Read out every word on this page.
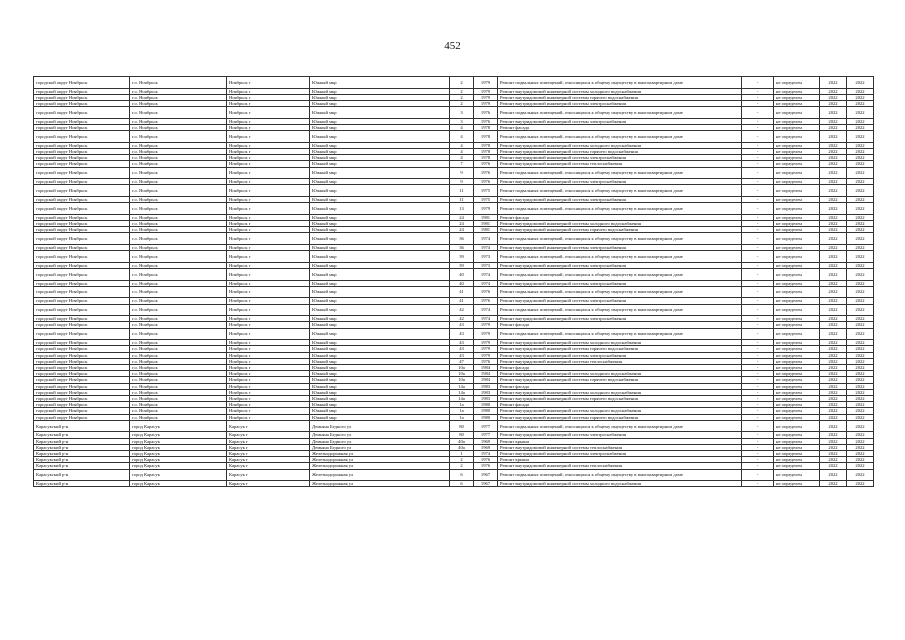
452
городской округ Ноябрьск	г.о. Ноябрьск	Ноябрьск г	Южный мкр	2	1979	Ремонт подвальных помещений, относящихся к общему имуществу в многоквартирном доме	-	не определен	2022	2022
городской округ Ноябрьск	г.о. Ноябрьск	Ноябрьск г	Южный мкр	2	1979	Ремонт внутридомовой инженерной системы холодного водоснабжения	-	не определен	2022	2022
городской округ Ноябрьск	г.о. Ноябрьск	Ноябрьск г	Южный мкр	2	1979	Ремонт внутридомовой инженерной системы горячего водоснабжения	-	не определен	2022	2022
городской округ Ноябрьск	г.о. Ноябрьск	Ноябрьск г	Южный мкр	2	1979	Ремонт внутридомовой инженерной системы электроснабжения	-	не определен	2022	2022
городской округ Ноябрьск	г.о. Ноябрьск	Ноябрьск г	Южный мкр	3	1976	Ремонт подвальных помещений, относящихся к общему имуществу в многоквартирном доме	-	не определен	2022	2022
городской округ Ноябрьск	г.о. Ноябрьск	Ноябрьск г	Южный мкр	3	1976	Ремонт внутридомовой инженерной системы электроснабжения	-	не определен	2022	2022
городской округ Ноябрьск	г.о. Ноябрьск	Ноябрьск г	Южный мкр	4	1978	Ремонт фасада	-	не определен	2022	2022
городской округ Ноябрьск	г.о. Ноябрьск	Ноябрьск г	Южный мкр	4	1978	Ремонт подвальных помещений, относящихся к общему имуществу в многоквартирном доме	-	не определен	2022	2022
городской округ Ноябрьск	г.о. Ноябрьск	Ноябрьск г	Южный мкр	4	1978	Ремонт внутридомовой инженерной системы холодного водоснабжения	-	не определен	2022	2022
городской округ Ноябрьск	г.о. Ноябрьск	Ноябрьск г	Южный мкр	4	1978	Ремонт внутридомовой инженерной системы горячего водоснабжения	-	не определен	2022	2022
городской округ Ноябрьск	г.о. Ноябрьск	Ноябрьск г	Южный мкр	4	1978	Ремонт внутридомовой инженерной системы электроснабжения	-	не определен	2022	2022
городской округ Ноябрьск	г.о. Ноябрьск	Ноябрьск г	Южный мкр	7	1976	Ремонт внутридомовой инженерной системы теплоснабжения	-	не определен	2022	2022
городской округ Ноябрьск	г.о. Ноябрьск	Ноябрьск г	Южный мкр	9	1976	Ремонт подвальных помещений, относящихся к общему имуществу в многоквартирном доме	-	не определен	2022	2022
городской округ Ноябрьск	г.о. Ноябрьск	Ноябрьск г	Южный мкр	9	1976	Ремонт внутридомовой инженерной системы электроснабжения	-	не определен	2022	2022
городской округ Ноябрьск	г.о. Ноябрьск	Ноябрьск г	Южный мкр	11	1975	Ремонт подвальных помещений, относящихся к общему имуществу в многоквартирном доме	-	не определен	2022	2022
городской округ Ноябрьск	г.о. Ноябрьск	Ноябрьск г	Южный мкр	11	1975	Ремонт внутридомовой инженерной системы электроснабжения	-	не определен	2022	2022
городской округ Ноябрьск	г.о. Ноябрьск	Ноябрьск г	Южный мкр	13	1979	Ремонт подвальных помещений, относящихся к общему имуществу в многоквартирном доме	-	не определен	2022	2022
городской округ Ноябрьск	г.о. Ноябрьск	Ноябрьск г	Южный мкр	24	1981	Ремонт фасада	-	не определен	2022	2022
городской округ Ноябрьск	г.о. Ноябрьск	Ноябрьск г	Южный мкр	24	1981	Ремонт внутридомовой инженерной системы холодного водоснабжения	-	не определен	2022	2022
городской округ Ноябрьск	г.о. Ноябрьск	Ноябрьск г	Южный мкр	24	1981	Ремонт внутридомовой инженерной системы горячего водоснабжения	-	не определен	2022	2022
городской округ Ноябрьск	г.о. Ноябрьск	Ноябрьск г	Южный мкр	36	1974	Ремонт подвальных помещений, относящихся к общему имуществу в многоквартирном доме	-	не определен	2022	2022
городской округ Ноябрьск	г.о. Ноябрьск	Ноябрьск г	Южный мкр	36	1974	Ремонт внутридомовой инженерной системы электроснабжения	-	не определен	2022	2022
городской округ Ноябрьск	г.о. Ноябрьск	Ноябрьск г	Южный мкр	39	1973	Ремонт подвальных помещений, относящихся к общему имуществу в многоквартирном доме	-	не определен	2022	2022
городской округ Ноябрьск	г.о. Ноябрьск	Ноябрьск г	Южный мкр	39	1973	Ремонт внутридомовой инженерной системы электроснабжения	-	не определен	2022	2022
городской округ Ноябрьск	г.о. Ноябрьск	Ноябрьск г	Южный мкр	40	1974	Ремонт подвальных помещений, относящихся к общему имуществу в многоквартирном доме	-	не определен	2022	2022
городской округ Ноябрьск	г.о. Ноябрьск	Ноябрьск г	Южный мкр	40	1974	Ремонт внутридомовой инженерной системы электроснабжения	-	не определен	2022	2022
городской округ Ноябрьск	г.о. Ноябрьск	Ноябрьск г	Южный мкр	41	1976	Ремонт подвальных помещений, относящихся к общему имуществу в многоквартирном доме	-	не определен	2022	2022
городской округ Ноябрьск	г.о. Ноябрьск	Ноябрьск г	Южный мкр	41	1976	Ремонт внутридомовой инженерной системы электроснабжения	-	не определен	2022	2022
городской округ Ноябрьск	г.о. Ноябрьск	Ноябрьск г	Южный мкр	42	1974	Ремонт подвальных помещений, относящихся к общему имуществу в многоквартирном доме	-	не определен	2022	2022
городской округ Ноябрьск	г.о. Ноябрьск	Ноябрьск г	Южный мкр	42	1974	Ремонт внутридомовой инженерной системы электроснабжения	-	не определен	2022	2022
городской округ Ноябрьск	г.о. Ноябрьск	Ноябрьск г	Южный мкр	43	1979	Ремонт фасада	-	не определен	2022	2022
городской округ Ноябрьск	г.о. Ноябрьск	Ноябрьск г	Южный мкр	43	1979	Ремонт подвальных помещений, относящихся к общему имуществу в многоквартирном доме	-	не определен	2022	2022
городской округ Ноябрьск	г.о. Ноябрьск	Ноябрьск г	Южный мкр	43	1979	Ремонт внутридомовой инженерной системы холодного водоснабжения	-	не определен	2022	2022
городской округ Ноябрьск	г.о. Ноябрьск	Ноябрьск г	Южный мкр	43	1979	Ремонт внутридомовой инженерной системы горячего водоснабжения	-	не определен	2022	2022
городской округ Ноябрьск	г.о. Ноябрьск	Ноябрьск г	Южный мкр	43	1979	Ремонт внутридомовой инженерной системы электроснабжения	-	не определен	2022	2022
городской округ Ноябрьск	г.о. Ноябрьск	Ноябрьск г	Южный мкр	47	1976	Ремонт внутридомовой инженерной системы теплоснабжения	-	не определен	2022	2022
городской округ Ноябрьск	г.о. Ноябрьск	Ноябрьск г	Южный мкр	10а	1984	Ремонт фасада	-	не определен	2022	2022
городской округ Ноябрьск	г.о. Ноябрьск	Ноябрьск г	Южный мкр	10а	1984	Ремонт внутридомовой инженерной системы холодного водоснабжения	-	не определен	2022	2022
городской округ Ноябрьск	г.о. Ноябрьск	Ноябрьск г	Южный мкр	10а	1984	Ремонт внутридомовой инженерной системы горячего водоснабжения	-	не определен	2022	2022
городской округ Ноябрьск	г.о. Ноябрьск	Ноябрьск г	Южный мкр	14а	1983	Ремонт фасада	-	не определен	2022	2022
городской округ Ноябрьск	г.о. Ноябрьск	Ноябрьск г	Южный мкр	14а	1983	Ремонт внутридомовой инженерной системы холодного водоснабжения	-	не определен	2022	2022
городской округ Ноябрьск	г.о. Ноябрьск	Ноябрьск г	Южный мкр	14а	1983	Ремонт внутридомовой инженерной системы горячего водоснабжения	-	не определен	2022	2022
городской округ Ноябрьск	г.о. Ноябрьск	Ноябрьск г	Южный мкр	1а	1980	Ремонт фасада	-	не определен	2022	2022
городской округ Ноябрьск	г.о. Ноябрьск	Ноябрьск г	Южный мкр	1а	1980	Ремонт внутридомовой инженерной системы холодного водоснабжения	-	не определен	2022	2022
городской округ Ноябрьск	г.о. Ноябрьск	Ноябрьск г	Южный мкр	1а	1980	Ремонт внутридомовой инженерной системы горячего водоснабжения	-	не определен	2022	2022
Карасукский р-н	город Карасук	Карасук г	Демьяна Бедного ул	80	1977	Ремонт подвальных помещений, относящихся к общему имуществу в многоквартирном доме	-	не определен	2022	2022
Карасукский р-н	город Карасук	Карасук г	Демьяна Бедного ул	80	1977	Ремонт внутридомовой инженерной системы электроснабжения	-	не определен	2022	2022
Карасукский р-н	город Карасук	Карасук г	Демьяна Бедного ул	40а	1969	Ремонт крыши	-	не определен	2022	2022
Карасукский р-н	город Карасук	Карасук г	Демьяна Бедного ул	40а	1969	Ремонт внутридомовой инженерной системы теплоснабжения	-	не определен	2022	2022
Карасукский р-н	город Карасук	Карасук г	Железнодорожная ул	1	1974	Ремонт внутридомовой инженерной системы электроснабжения	-	не определен	2022	2022
Карасукский р-н	город Карасук	Карасук г	Железнодорожная ул	2	1976	Ремонт крыши	-	не определен	2022	2022
Карасукский р-н	город Карасук	Карасук г	Железнодорожная ул	2	1976	Ремонт внутридомовой инженерной системы теплоснабжения	-	не определен	2022	2022
Карасукский р-н	город Карасук	Карасук г	Железнодорожная ул	6	1967	Ремонт подвальных помещений, относящихся к общему имуществу в многоквартирном доме	-	не определен	2022	2022
Карасукский р-н	город Карасук	Карасук г	Железнодорожная ул	6	1967	Ремонт внутридомовой инженерной системы холодного водоснабжения	-	не определен	2022	2022
